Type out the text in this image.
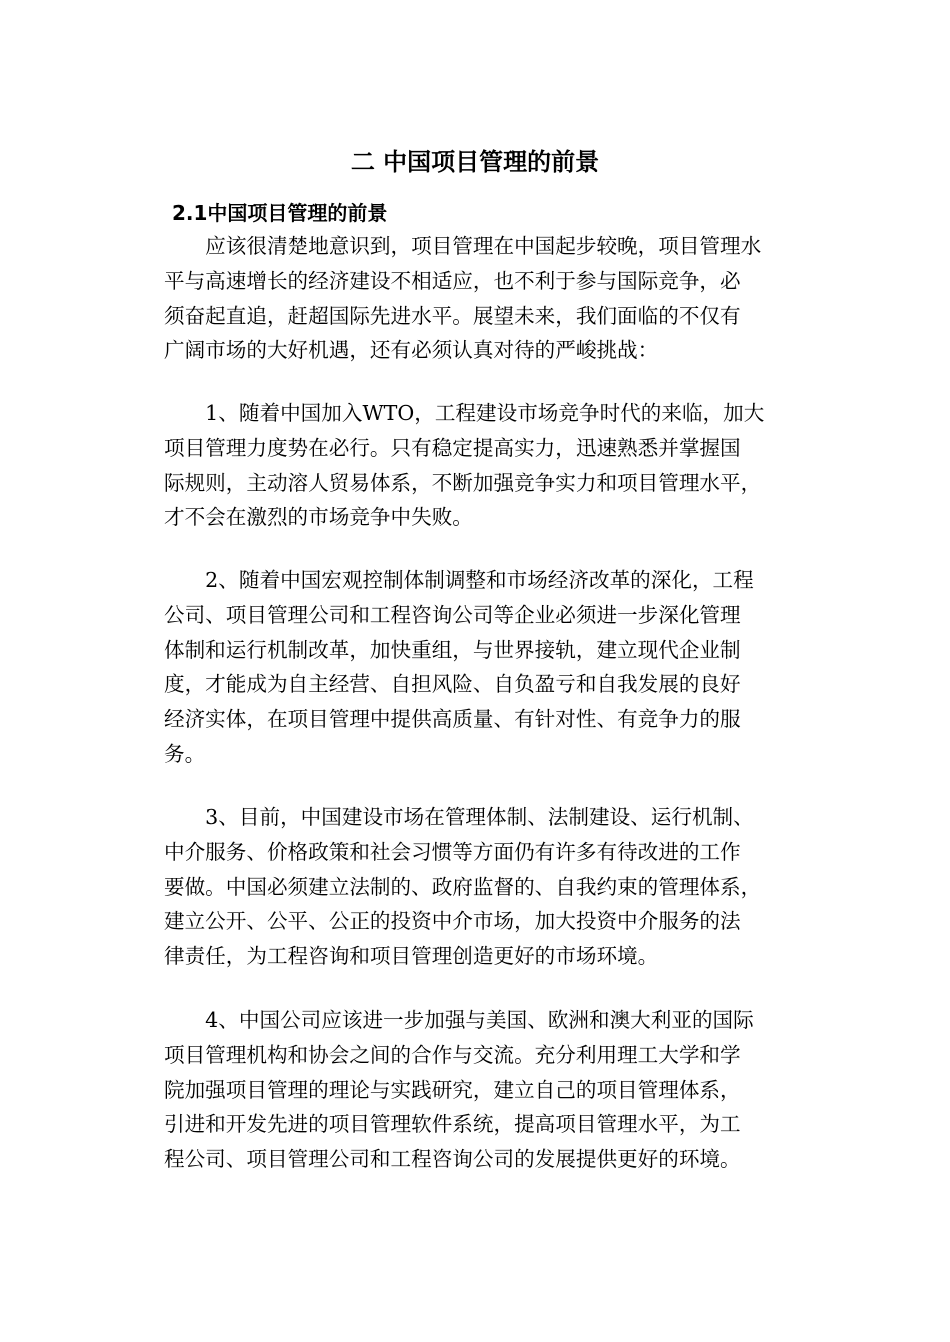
二 中国项目管理的前景
2.1中国项目管理的前景

　　应该很清楚地意识到，项目管理在中国起步较晚，项目管理水
平与高速增长的经济建设不相适应，也不利于参与国际竞争，必
须奋起直追，赶超国际先进水平。展望未来，我们面临的不仅有
广阔市场的大好机遇，还有必须认真对待的严峻挑战：

　　1、随着中国加入WTO，工程建设市场竞争时代的来临，加大
项目管理力度势在必行。只有稳定提高实力，迅速熟悉并掌握国
际规则，主动溶人贸易体系，不断加强竞争实力和项目管理水平，
才不会在激烈的市场竞争中失败。

　　2、随着中国宏观控制体制调整和市场经济改革的深化，工程
公司、项目管理公司和工程咨询公司等企业必须进一步深化管理
体制和运行机制改革，加快重组，与世界接轨，建立现代企业制
度，才能成为自主经营、自担风险、自负盈亏和自我发展的良好
经济实体，在项目管理中提供高质量、有针对性、有竞争力的服
务。

　　3、目前，中国建设市场在管理体制、法制建设、运行机制、
中介服务、价格政策和社会习惯等方面仍有许多有待改进的工作
要做。中国必须建立法制的、政府监督的、自我约束的管理体系，
建立公开、公平、公正的投资中介市场，加大投资中介服务的法
律责任，为工程咨询和项目管理创造更好的市场环境。

　　4、中国公司应该进一步加强与美国、欧洲和澳大利亚的国际
项目管理机构和协会之间的合作与交流。充分利用理工大学和学
院加强项目管理的理论与实践研究，建立自己的项目管理体系，
引进和开发先进的项目管理软件系统，提高项目管理水平，为工
程公司、项目管理公司和工程咨询公司的发展提供更好的环境。
